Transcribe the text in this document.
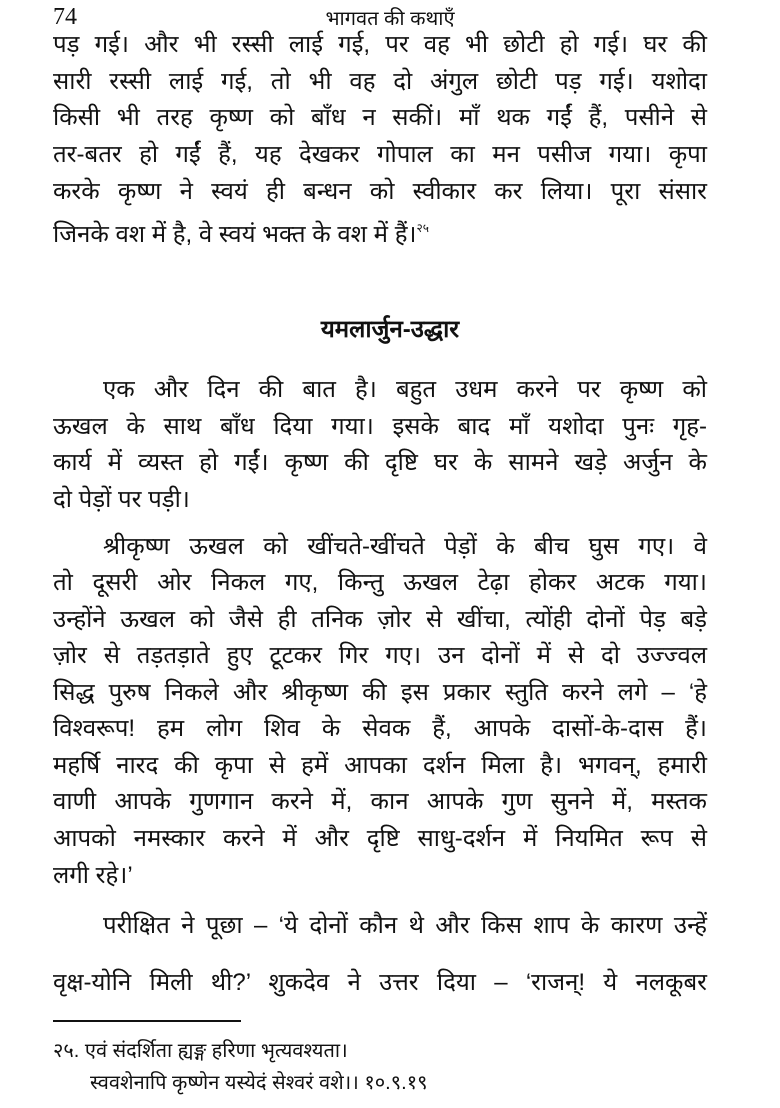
74	भागवत की कथाएँ
पड़ गई। और भी रस्सी लाई गई, पर वह भी छोटी हो गई। घर की
सारी रस्सी लाई गई, तो भी वह दो अंगुल छोटी पड़ गई। यशोदा
किसी भी तरह कृष्ण को बाँध न सकीं। माँ थक गईं हैं, पसीने से
तर-बतर हो गईं हैं, यह देखकर गोपाल का मन पसीज गया। कृपा
करके कृष्ण ने स्वयं ही बन्धन को स्वीकार कर लिया। पूरा संसार
जिनके वश में है, वे स्वयं भक्त के वश में हैं।$^{२५}$
यमलार्जुन-उद्धार
एक और दिन की बात है। बहुत उधम करने पर कृष्ण को
ऊखल के साथ बाँध दिया गया। इसके बाद माँ यशोदा पुनः गृह-
कार्य में व्यस्त हो गईं। कृष्ण की दृष्टि घर के सामने खड़े अर्जुन के
दो पेड़ों पर पड़ी।
श्रीकृष्ण ऊखल को खींचते-खींचते पेड़ों के बीच घुस गए। वे
तो दूसरी ओर निकल गए, किन्तु ऊखल टेढ़ा होकर अटक गया।
उन्होंने ऊखल को जैसे ही तनिक ज़ोर से खींचा, त्योंही दोनों पेड़ बड़े
ज़ोर से तड़तड़ाते हुए टूटकर गिर गए। उन दोनों में से दो उज्ज्वल
सिद्ध पुरुष निकले और श्रीकृष्ण की इस प्रकार स्तुति करने लगे – ‘हे
विश्वरूप! हम लोग शिव के सेवक हैं, आपके दासों-के-दास हैं।
महर्षि नारद की कृपा से हमें आपका दर्शन मिला है। भगवन्, हमारी
वाणी आपके गुणगान करने में, कान आपके गुण सुनने में, मस्तक
आपको नमस्कार करने में और दृष्टि साधु-दर्शन में नियमित रूप से
लगी रहे।’
परीक्षित ने पूछा – ‘ये दोनों कौन थे और किस शाप के कारण उन्हें
वृक्ष-योनि मिली थी?’ शुकदेव ने उत्तर दिया – ‘राजन्! ये नलकूबर
२५. एवं संदर्शिता ह्यङ्ग हरिणा भृत्यवश्यता।
स्ववशेनापि कृष्णेन यस्येदं सेश्वरं वशे।। १०.९.१९
